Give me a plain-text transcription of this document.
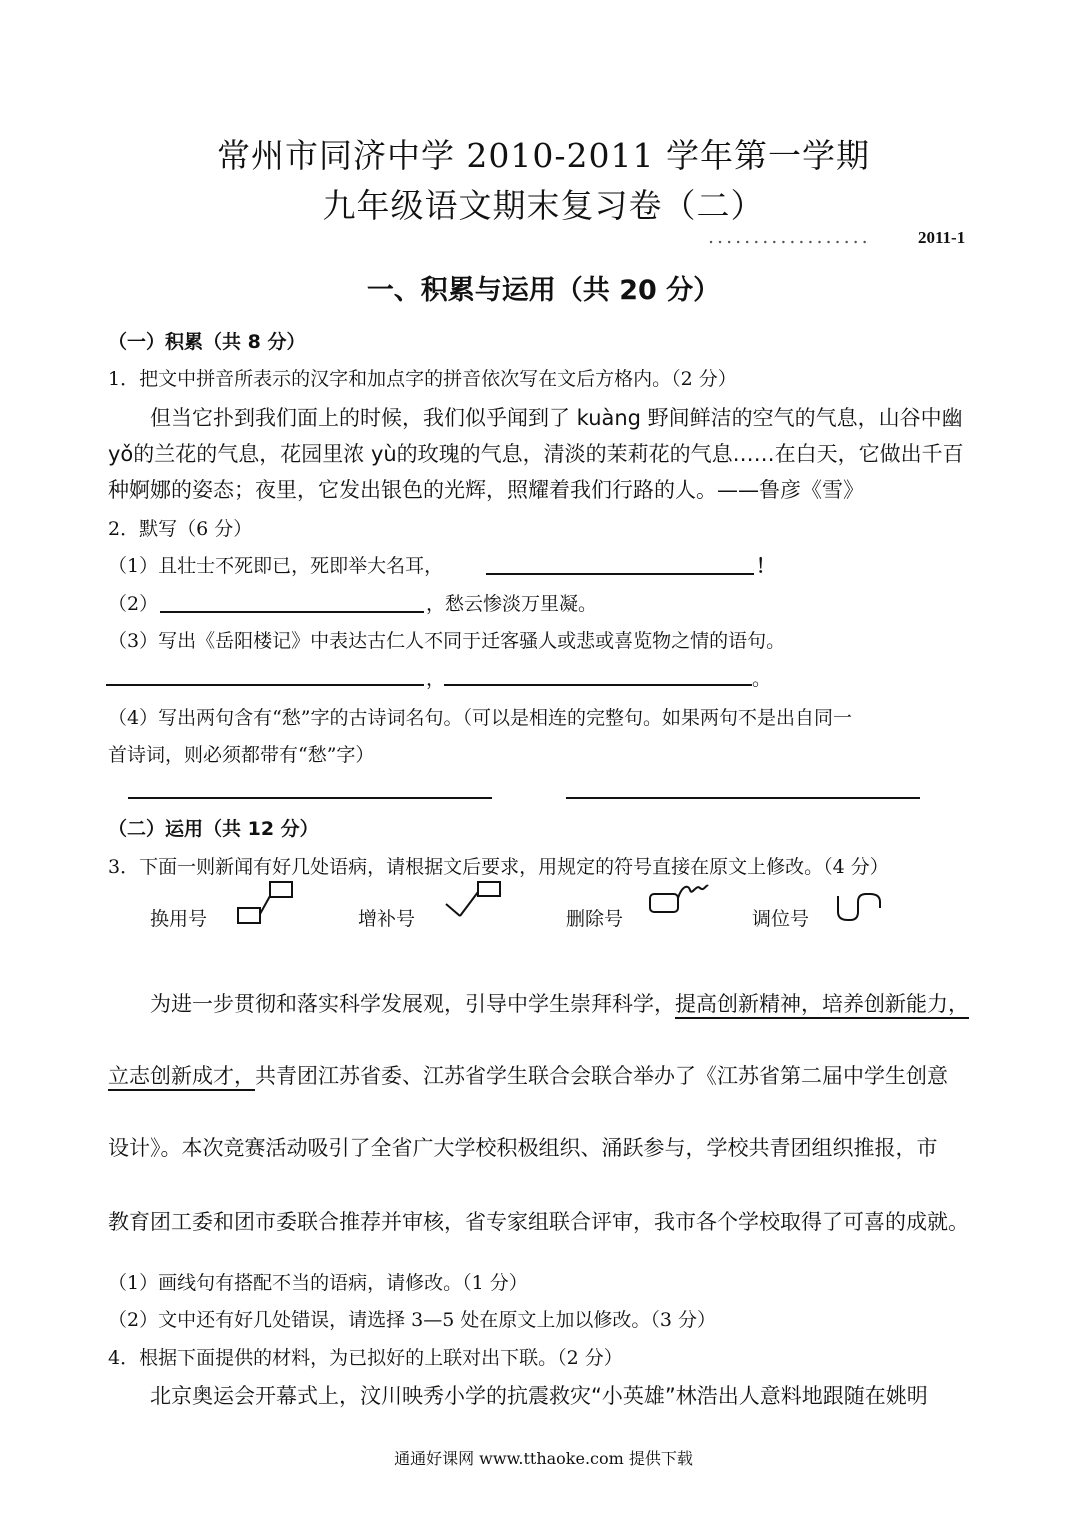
常州市同济中学 2010-2011 学年第一学期
九年级语文期末复习卷（二）
..................	2011-1
一、积累与运用（共 20 分）
（一）积累（共 8 分）
1．把文中拼音所表示的汉字和加点字的拼音依次写在文后方格内。（2 分）
但当它扑到我们面上的时候，我们似乎闻到了 kuàng 野间鲜洁的空气的气息，山谷中幽
yǒ的兰花的气息，花园里浓 yù的玫瑰的气息，清淡的茉莉花的气息……在白天，它做出千百
种婀娜的姿态；夜里，它发出银色的光辉，照耀着我们行路的人。——鲁彦《雪》
2．默写（6 分）
（1）且壮士不死即已，死即举大名耳，	！
（2）	，愁云惨淡万里凝。
（3）写出《岳阳楼记》中表达古仁人不同于迁客骚人或悲或喜览物之情的语句。
，	。
（4）写出两句含有“愁”字的古诗词名句。（可以是相连的完整句。如果两句不是出自同一
首诗词，则必须都带有“愁”字）
（二）运用（共 12 分）
3．下面一则新闻有好几处语病，请根据文后要求，用规定的符号直接在原文上修改。（4 分）
换用号	增补号	删除号	调位号
为进一步贯彻和落实科学发展观，引导中学生崇拜科学，提高创新精神，培养创新能力，
立志创新成才，共青团江苏省委、江苏省学生联合会联合举办了《江苏省第二届中学生创意
设计》。本次竞赛活动吸引了全省广大学校积极组织、涌跃参与，学校共青团组织推报，市
教育团工委和团市委联合推荐并审核，省专家组联合评审，我市各个学校取得了可喜的成就。
（1）画线句有搭配不当的语病，请修改。（1 分）
（2）文中还有好几处错误，请选择 3—5 处在原文上加以修改。（3 分）
4．根据下面提供的材料，为已拟好的上联对出下联。（2 分）
北京奥运会开幕式上，汶川映秀小学的抗震救灾“小英雄”林浩出人意料地跟随在姚明
通通好课网 www.tthaoke.com 提供下载
